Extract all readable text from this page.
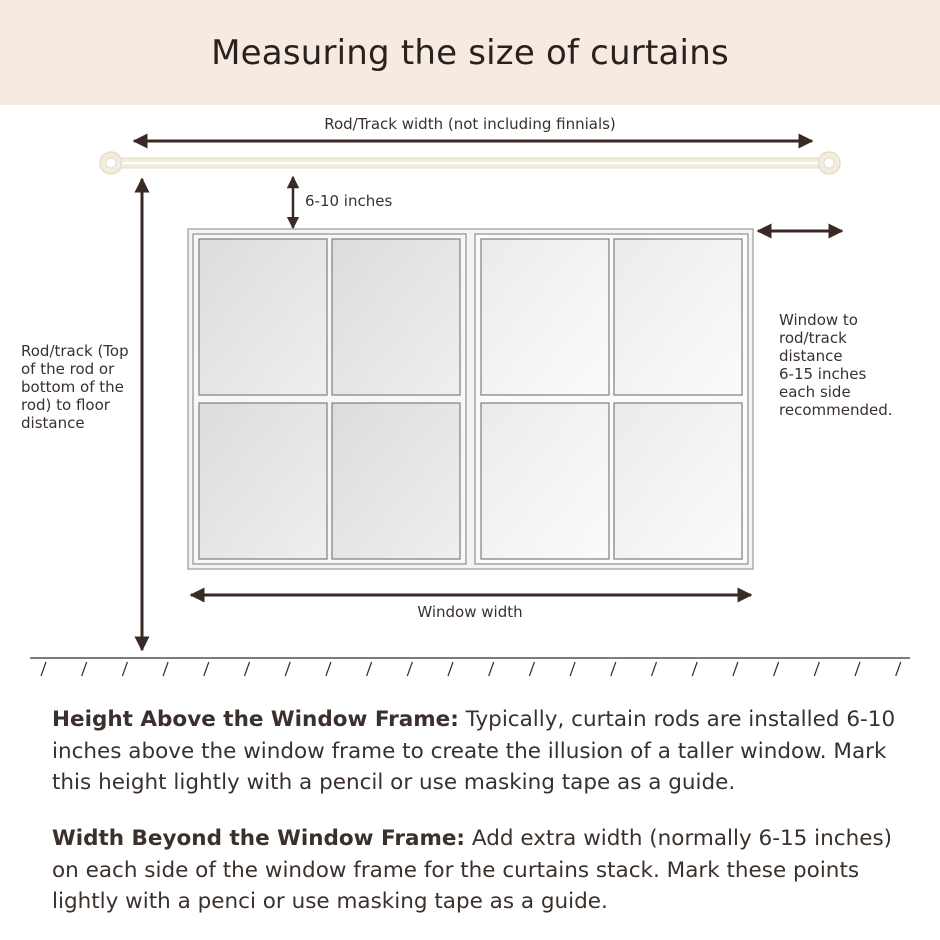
Measuring the size of curtains
Rod/Track width (not including finnials)
6-10 inches
Rod/track (Top
of the rod or
bottom of the
rod) to floor
distance
Window to
rod/track
distance
6-15 inches
each side
recommended.
Window width

Height Above the Window Frame: Typically, curtain rods are installed 6-10 inches above the window frame to create the illusion of a taller window. Mark this height lightly with a pencil or use masking tape as a guide.

Width Beyond the Window Frame: Add extra width (normally 6-15 inches) on each side of the window frame for the curtains stack. Mark these points lightly with a penci or use masking tape as a guide.
